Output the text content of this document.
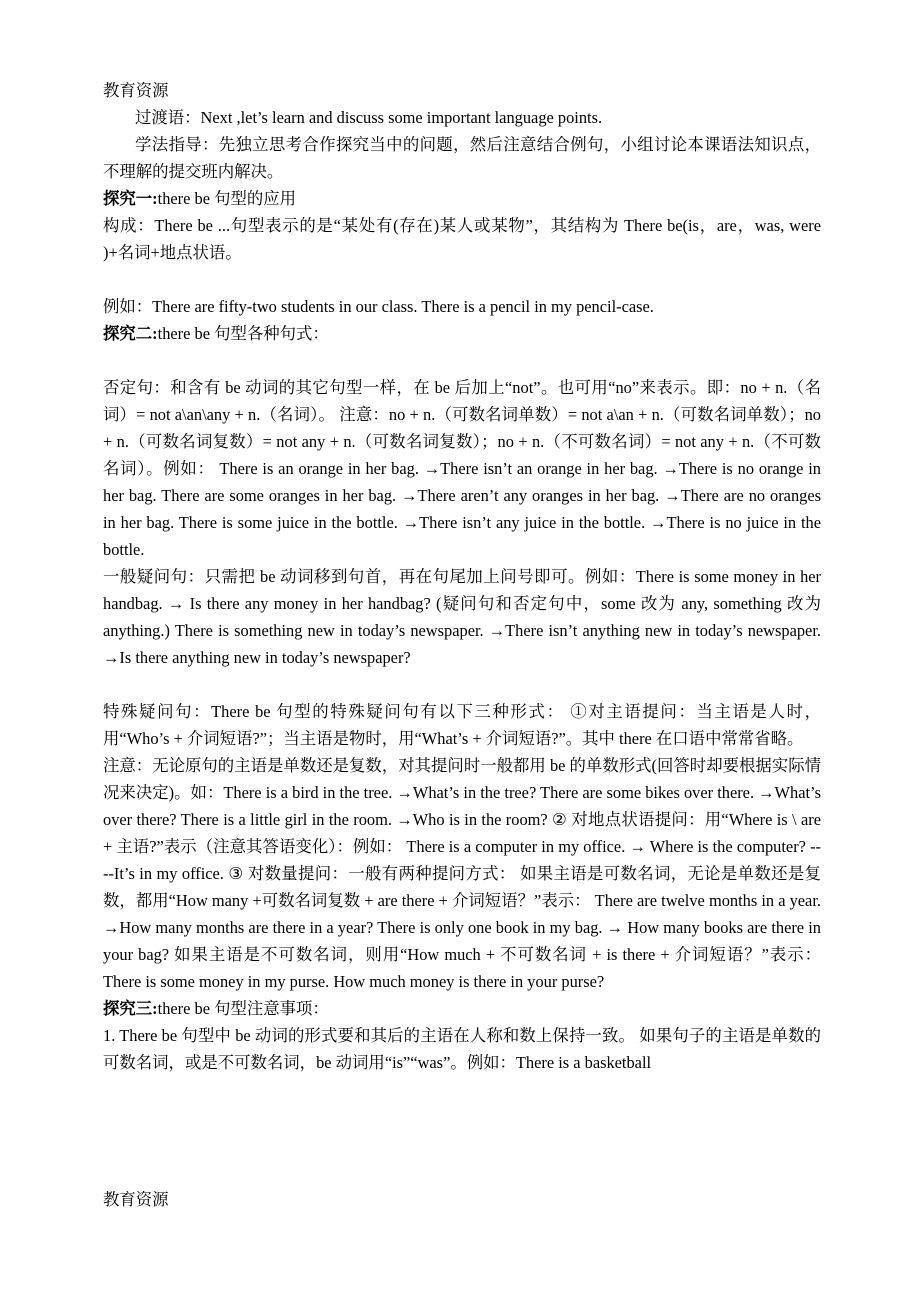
教育资源

过渡语：Next ,let’s learn and discuss some important language points.

学法指导：先独立思考合作探究当中的问题，然后注意结合例句，小组讨论本课语法知识点，不理解的提交班内解决。

探究一:there be 句型的应用

构成：There be ...句型表示的是“某处有(存在)某人或某物”，其结构为 There be(is，are，was, were )+名词+地点状语。

例如：There are fifty-two students in our class. There is a pencil in my pencil-case.

探究二:there be 句型各种句式：

否定句：和含有 be 动词的其它句型一样，在 be 后加上“not”。也可用“no”来表示。即：no + n.（名词）= not a\an\any + n.（名词）。 注意：no + n.（可数名词单数）= not a\an + n.（可数名词单数）；no + n.（可数名词复数）= not any + n.（可数名词复数）；no + n.（不可数名词）= not any + n.（不可数名词）。例如： There is an orange in her bag. →There isn’t an orange in her bag. →There is no orange in her bag. There are some oranges in her bag. →There aren’t any oranges in her bag. →There are no oranges in her bag. There is some juice in the bottle. →There isn’t any juice in the bottle. →There is no juice in the bottle.

一般疑问句：只需把 be 动词移到句首，再在句尾加上问号即可。例如：There is some money in her handbag. → Is there any money in her handbag? (疑问句和否定句中，some 改为 any, something 改为 anything.) There is something new in today’s newspaper. →There isn’t anything new in today’s newspaper. →Is there anything new in today’s newspaper?

特殊疑问句：There be 句型的特殊疑问句有以下三种形式： ①对主语提问：当主语是人时，用“Who’s + 介词短语?”；当主语是物时，用“What’s + 介词短语?”。其中 there 在口语中常常省略。

注意：无论原句的主语是单数还是复数，对其提问时一般都用 be 的单数形式(回答时却要根据实际情况来决定)。如：There is a bird in the tree. →What’s in the tree? There are some bikes over there. →What’s over there? There is a little girl in the room. →Who is in the room? ② 对地点状语提问：用“Where is \ are + 主语?”表示（注意其答语变化）：例如： There is a computer in my office. → Where is the computer? ----It’s in my office. ③ 对数量提问：一般有两种提问方式： 如果主语是可数名词，无论是单数还是复数，都用“How many +可数名词复数 + are there + 介词短语？”表示： There are twelve months in a year. →How many months are there in a year? There is only one book in my bag. → How many books are there in your bag? 如果主语是不可数名词，则用“How much + 不可数名词 + is there + 介词短语？”表示：There is some money in my purse. How much money is there in your purse?

探究三:there be 句型注意事项：

1. There be 句型中 be 动词的形式要和其后的主语在人称和数上保持一致。 如果句子的主语是单数的可数名词，或是不可数名词，be 动词用“is”“was”。例如：There is a basketball

教育资源
